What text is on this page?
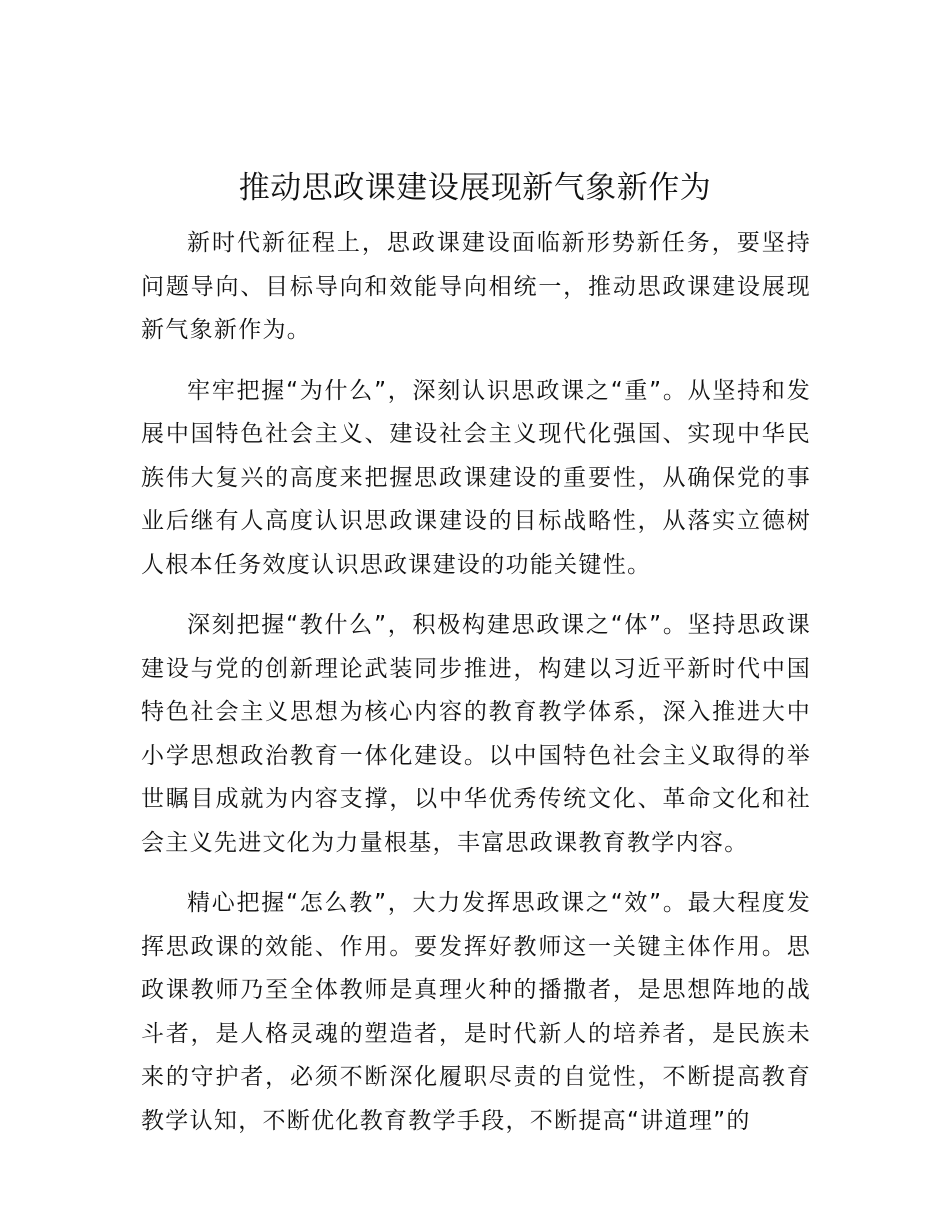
推动思政课建设展现新气象新作为

新时代新征程上，思政课建设面临新形势新任务，要坚持问题导向、目标导向和效能导向相统一，推动思政课建设展现新气象新作为。

牢牢把握“为什么”，深刻认识思政课之“重”。从坚持和发展中国特色社会主义、建设社会主义现代化强国、实现中华民族伟大复兴的高度来把握思政课建设的重要性，从确保党的事业后继有人高度认识思政课建设的目标战略性，从落实立德树人根本任务效度认识思政课建设的功能关键性。

深刻把握“教什么”，积极构建思政课之“体”。坚持思政课建设与党的创新理论武装同步推进，构建以习近平新时代中国特色社会主义思想为核心内容的教育教学体系，深入推进大中小学思想政治教育一体化建设。以中国特色社会主义取得的举世瞩目成就为内容支撑，以中华优秀传统文化、革命文化和社会主义先进文化为力量根基，丰富思政课教育教学内容。

精心把握“怎么教”，大力发挥思政课之“效”。最大程度发挥思政课的效能、作用。要发挥好教师这一关键主体作用。思政课教师乃至全体教师是真理火种的播撒者，是思想阵地的战斗者，是人格灵魂的塑造者，是时代新人的培养者，是民族未来的守护者，必须不断深化履职尽责的自觉性，不断提高教育教学认知，不断优化教育教学手段，不断提高“讲道理”的
